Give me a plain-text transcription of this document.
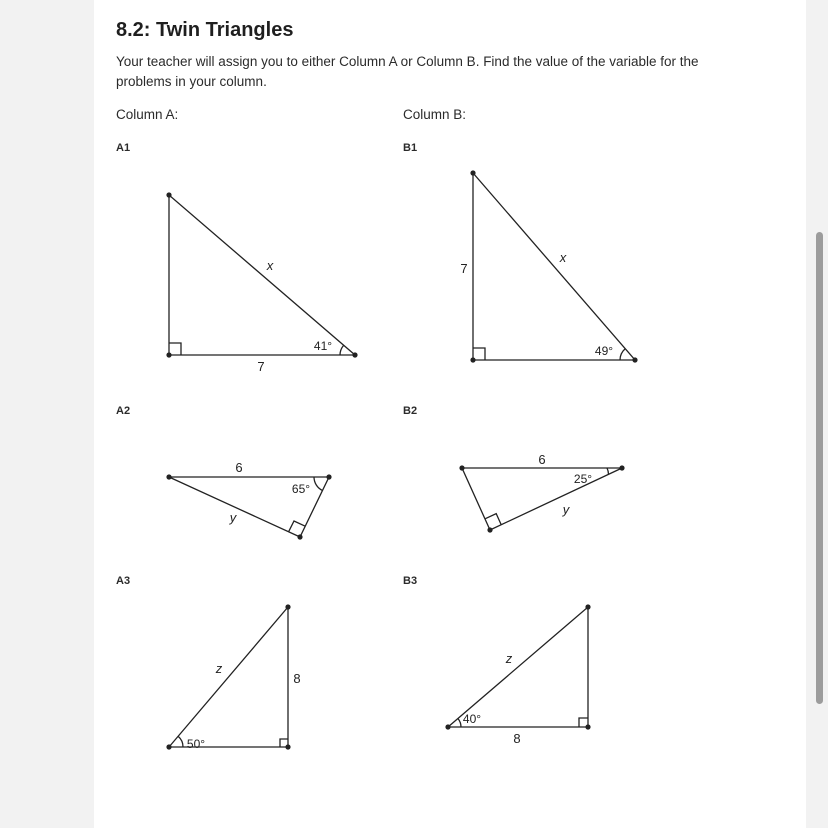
8.2: Twin Triangles

Your teacher will assign you to either Column A or Column B. Find the value of the variable for the problems in your column.

Column A:	Column B:
A1	B1
A2	B2
A3	B3
7
x
41°
7
x
49°
6
y
65°
6
y
25°
8
z
50°	8
z
40°
